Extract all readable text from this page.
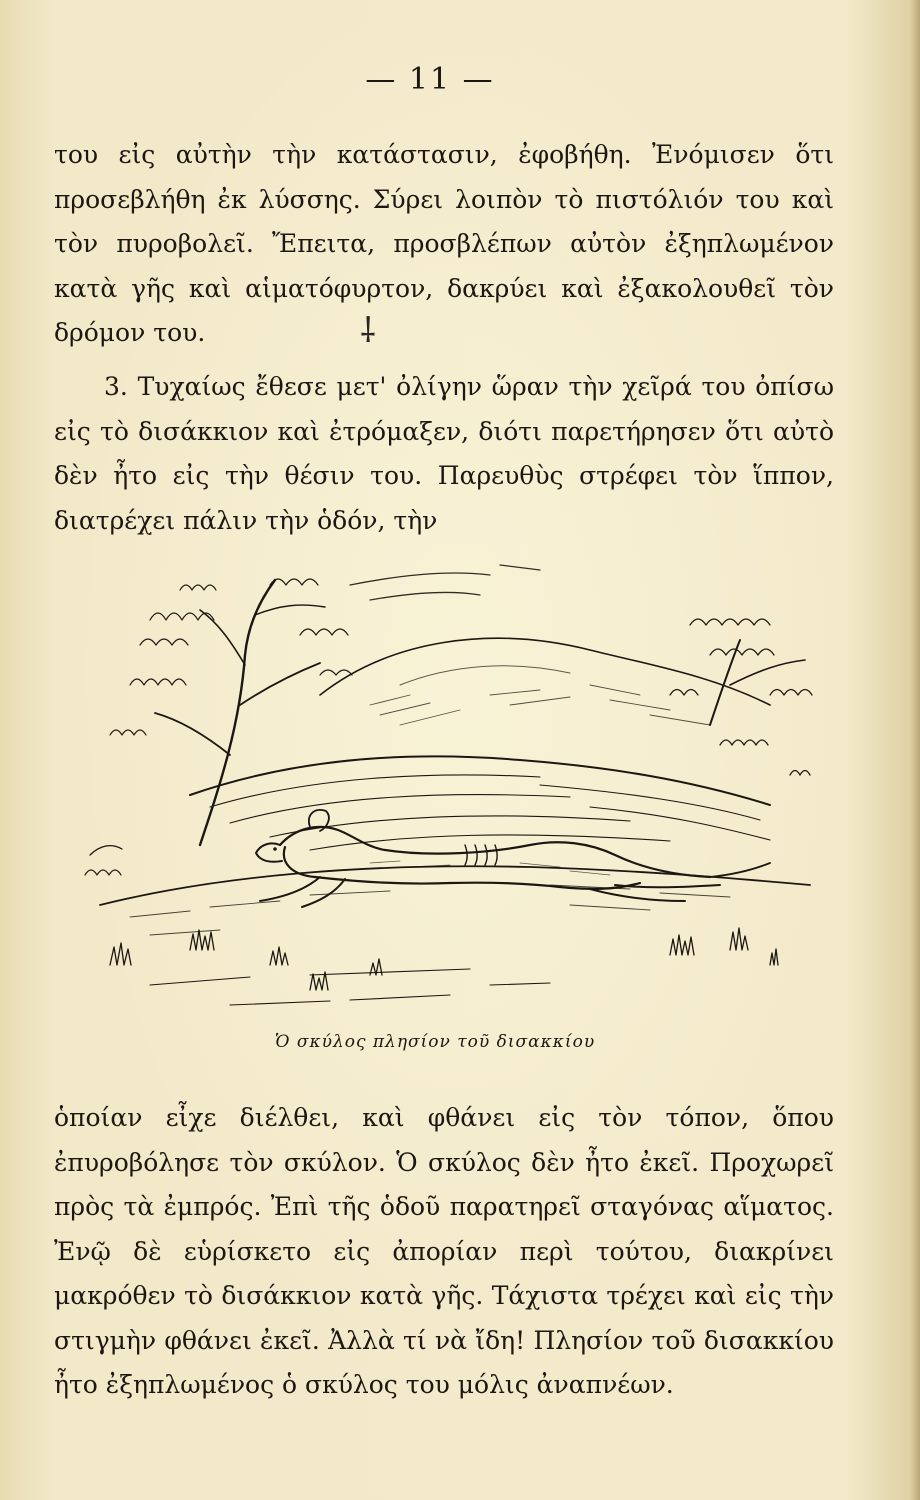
— 11 —
του εἰς αὐτὴν τὴν κατάστασιν, ἐφοβήθη. Ἐνόμισεν ὅτι προσεβλήθη ἐκ λύσσης. Σύρει λοιπὸν τὸ πιστόλιόν του καὶ τὸν πυροβολεῖ. Ἔπειτα, προσβλέπων αὐτὸν ἐξηπλωμένον κατὰ γῆς καὶ αἱματόφυρτον, δακρύει καὶ ἐξακολουθεῖ τὸν δρόμον του.	⸸
3. Τυχαίως ἔθεσε μετ' ὀλίγην ὥραν τὴν χεῖρά του ὀπίσω εἰς τὸ δισάκκιον καὶ ἐτρόμαξεν, διότι παρετήρησεν ὅτι αὐτὸ δὲν ἦτο εἰς τὴν θέσιν του. Παρευθὺς στρέφει τὸν ἵππον, διατρέχει πάλιν τὴν ὁδόν, τὴν
Ὁ σκύλος πλησίον τοῦ δισακκίου
ὁποίαν εἶχε διέλθει, καὶ φθάνει εἰς τὸν τόπον, ὅπου ἐπυροβόλησε τὸν σκύλον. Ὁ σκύλος δὲν ἦτο ἐκεῖ. Προχωρεῖ πρὸς τὰ ἐμπρός. Ἐπὶ τῆς ὁδοῦ παρατηρεῖ σταγόνας αἵματος. Ἐνῷ δὲ εὑρίσκετο εἰς ἀπορίαν περὶ τούτου, διακρίνει μακρόθεν τὸ δισάκκιον κατὰ γῆς. Τάχιστα τρέχει καὶ εἰς τὴν στιγμὴν φθάνει ἐκεῖ. Ἀλλὰ τί νὰ ἴδη! Πλησίον τοῦ δισακκίου ἦτο ἐξηπλωμένος ὁ σκύλος του μόλις ἀναπνέων.
